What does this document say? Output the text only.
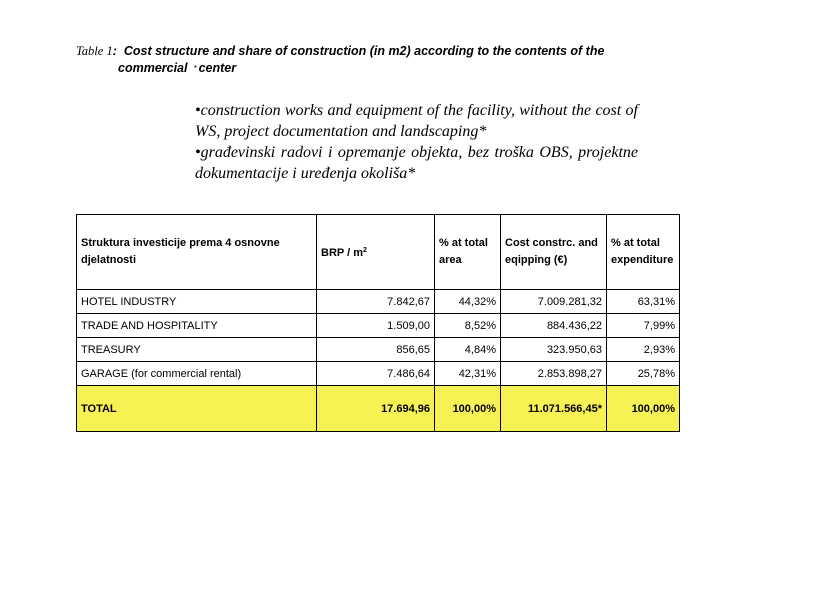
Table 1: Cost structure and share of construction (in m2) according to the contents of the
commercial * center

•construction works and equipment of the facility, without the cost of WS, project documentation and landscaping*

•građevinski radovi i opremanje objekta, bez troška OBS, projektne dokumentacije i uređenja okoliša*

Struktura investicije prema 4 osnovne djelatnosti	BRP / $m^2$	% at total area	Cost constrc. and eqipping (€)	% at total expenditure
HOTEL INDUSTRY	7.842,67	44,32%	7.009.281,32	63,31%
TRADE AND HOSPITALITY	1.509,00	8,52%	884.436,22	7,99%
TREASURY	856,65	4,84%	323.950,63	2,93%
GARAGE (for commercial rental)	7.486,64	42,31%	2.853.898,27	25,78%
TOTAL	17.694,96	100,00%	11.071.566,45*	100,00%
